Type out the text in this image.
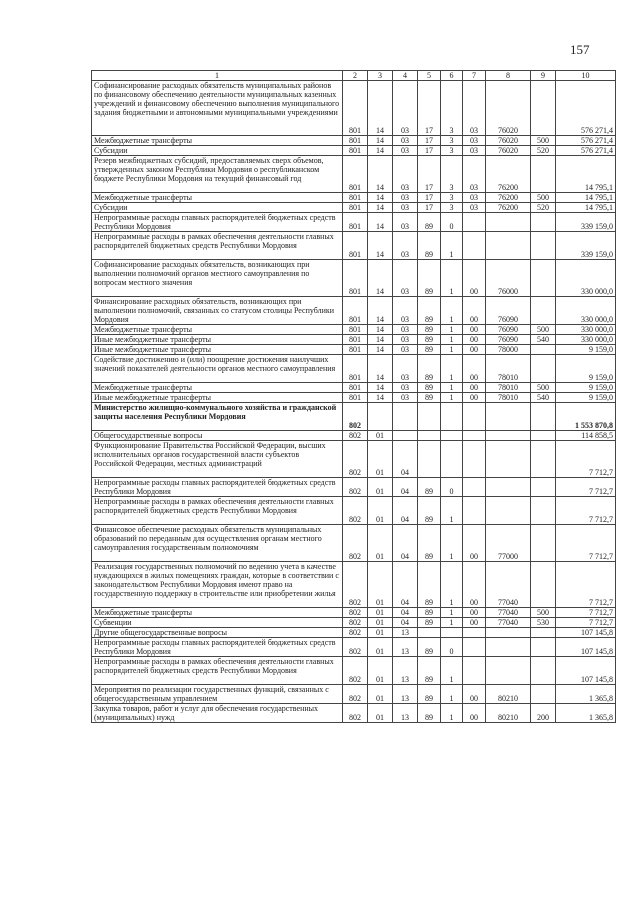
157
1	2	3	4	5	6	7	8	9	10
Софинансирование расходных обязательств муниципальных районов по финансовому обеспечению деятельности муниципальных казенных учреждений и финансовому обеспечению выполнения муниципального задания бюджетными и автономными муниципальными учреждениями	801	14	03	17	3	03	76020		576 271,4
Межбюджетные трансферты	801	14	03	17	3	03	76020	500	576 271,4
Субсидии	801	14	03	17	3	03	76020	520	576 271,4
Резерв межбюджетных субсидий, предоставляемых сверх объемов, утвержденных законом Республики Мордовия о республиканском бюджете Республики Мордовия на текущий финансовый год	801	14	03	17	3	03	76200		14 795,1
Межбюджетные трансферты	801	14	03	17	3	03	76200	500	14 795,1
Субсидии	801	14	03	17	3	03	76200	520	14 795,1
Непрограммные расходы главных распорядителей бюджетных средств Республики Мордовия	801	14	03	89	0				339 159,0
Непрограммные расходы в рамках обеспечения деятельности главных распорядителей бюджетных средств Республики Мордовия	801	14	03	89	1				339 159,0
Софинансирование расходных обязательств, возникающих при выполнении полномочий органов местного самоуправления по вопросам местного значения	801	14	03	89	1	00	76000		330 000,0
Финансирование расходных обязательств, возникающих при выполнении полномочий, связанных со статусом столицы Республики Мордовия	801	14	03	89	1	00	76090		330 000,0
Межбюджетные трансферты	801	14	03	89	1	00	76090	500	330 000,0
Иные межбюджетные трансферты	801	14	03	89	1	00	76090	540	330 000,0
Иные межбюджетные трансферты	801	14	03	89	1	00	78000		9 159,0
Содействие достижению и (или) поощрение достижения наилучших значений показателей деятельности органов местного самоуправления	801	14	03	89	1	00	78010		9 159,0
Межбюджетные трансферты	801	14	03	89	1	00	78010	500	9 159,0
Иные межбюджетные трансферты	801	14	03	89	1	00	78010	540	9 159,0
Министерство жилищно-коммунального хозяйства и гражданской защиты населения Республики Мордовия	802								1 553 870,8
Общегосударственные вопросы	802	01							114 858,5
Функционирование Правительства Российской Федерации, высших исполнительных органов государственной власти субъектов Российской Федерации, местных администраций	802	01	04						7 712,7
Непрограммные расходы главных распорядителей бюджетных средств Республики Мордовия	802	01	04	89	0				7 712,7
Непрограммные расходы в рамках обеспечения деятельности главных распорядителей бюджетных средств Республики Мордовия	802	01	04	89	1				7 712,7
Финансовое обеспечение расходных обязательств муниципальных образований по переданным для осуществления органам местного самоуправления государственным полномочиям	802	01	04	89	1	00	77000		7 712,7
Реализация государственных полномочий по ведению учета в качестве нуждающихся в жилых помещениях граждан, которые в соответствии с законодательством Республики Мордовия имеют право на государственную поддержку в строительстве или приобретении жилья	802	01	04	89	1	00	77040		7 712,7
Межбюджетные трансферты	802	01	04	89	1	00	77040	500	7 712,7
Субвенции	802	01	04	89	1	00	77040	530	7 712,7
Другие общегосударственные вопросы	802	01	13						107 145,8
Непрограммные расходы главных распорядителей бюджетных средств Республики Мордовия	802	01	13	89	0				107 145,8
Непрограммные расходы в рамках обеспечения деятельности главных распорядителей бюджетных средств Республики Мордовия	802	01	13	89	1				107 145,8
Мероприятия по реализации государственных функций, связанных с общегосударственным управлением	802	01	13	89	1	00	80210		1 365,8
Закупка товаров, работ и услуг для обеспечения государственных (муниципальных) нужд	802	01	13	89	1	00	80210	200	1 365,8
